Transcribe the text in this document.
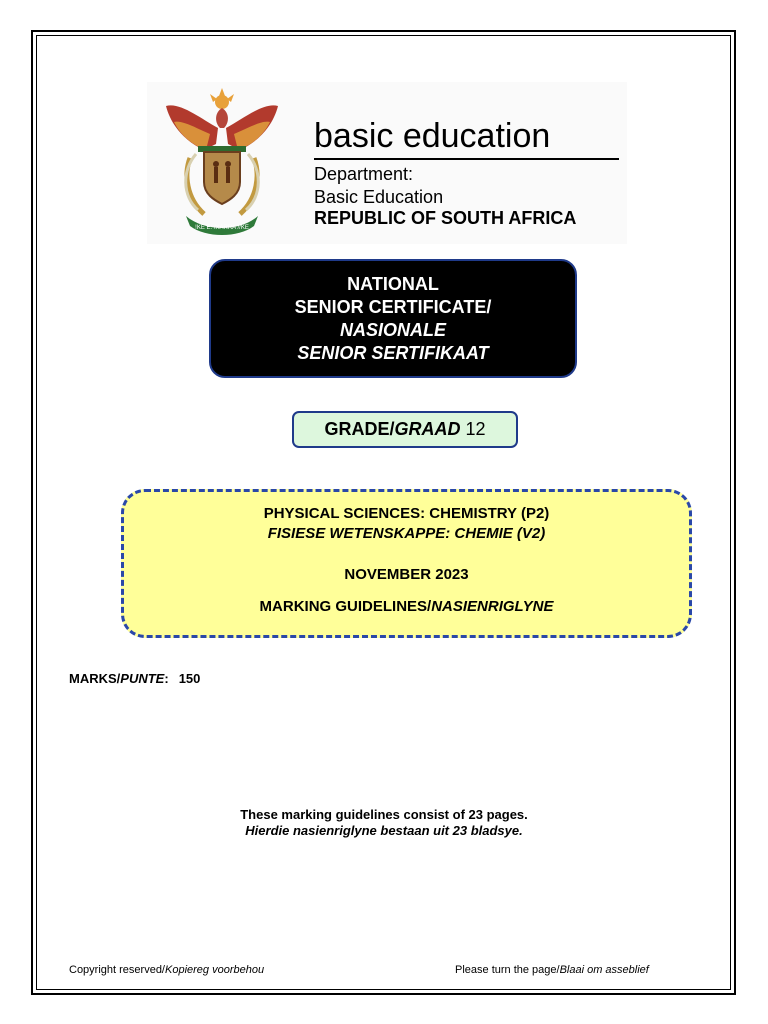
!KE E: /XARRA //KE
basic education
Department:
Basic Education
REPUBLIC OF SOUTH AFRICA
NATIONAL
SENIOR CERTIFICATE/
NASIONALE
SENIOR SERTIFIKAAT
GRADE/GRAAD 12
PHYSICAL SCIENCES: CHEMISTRY (P2)
FISIESE WETENSKAPPE: CHEMIE (V2)
NOVEMBER 2023
MARKING GUIDELINES/NASIENRIGLYNE
MARKS/PUNTE: 150
These marking guidelines consist of 23 pages.
Hierdie nasienriglyne bestaan uit 23 bladsye.
Copyright reserved/Kopiereg voorbehou	Please turn the page/Blaai om asseblief
